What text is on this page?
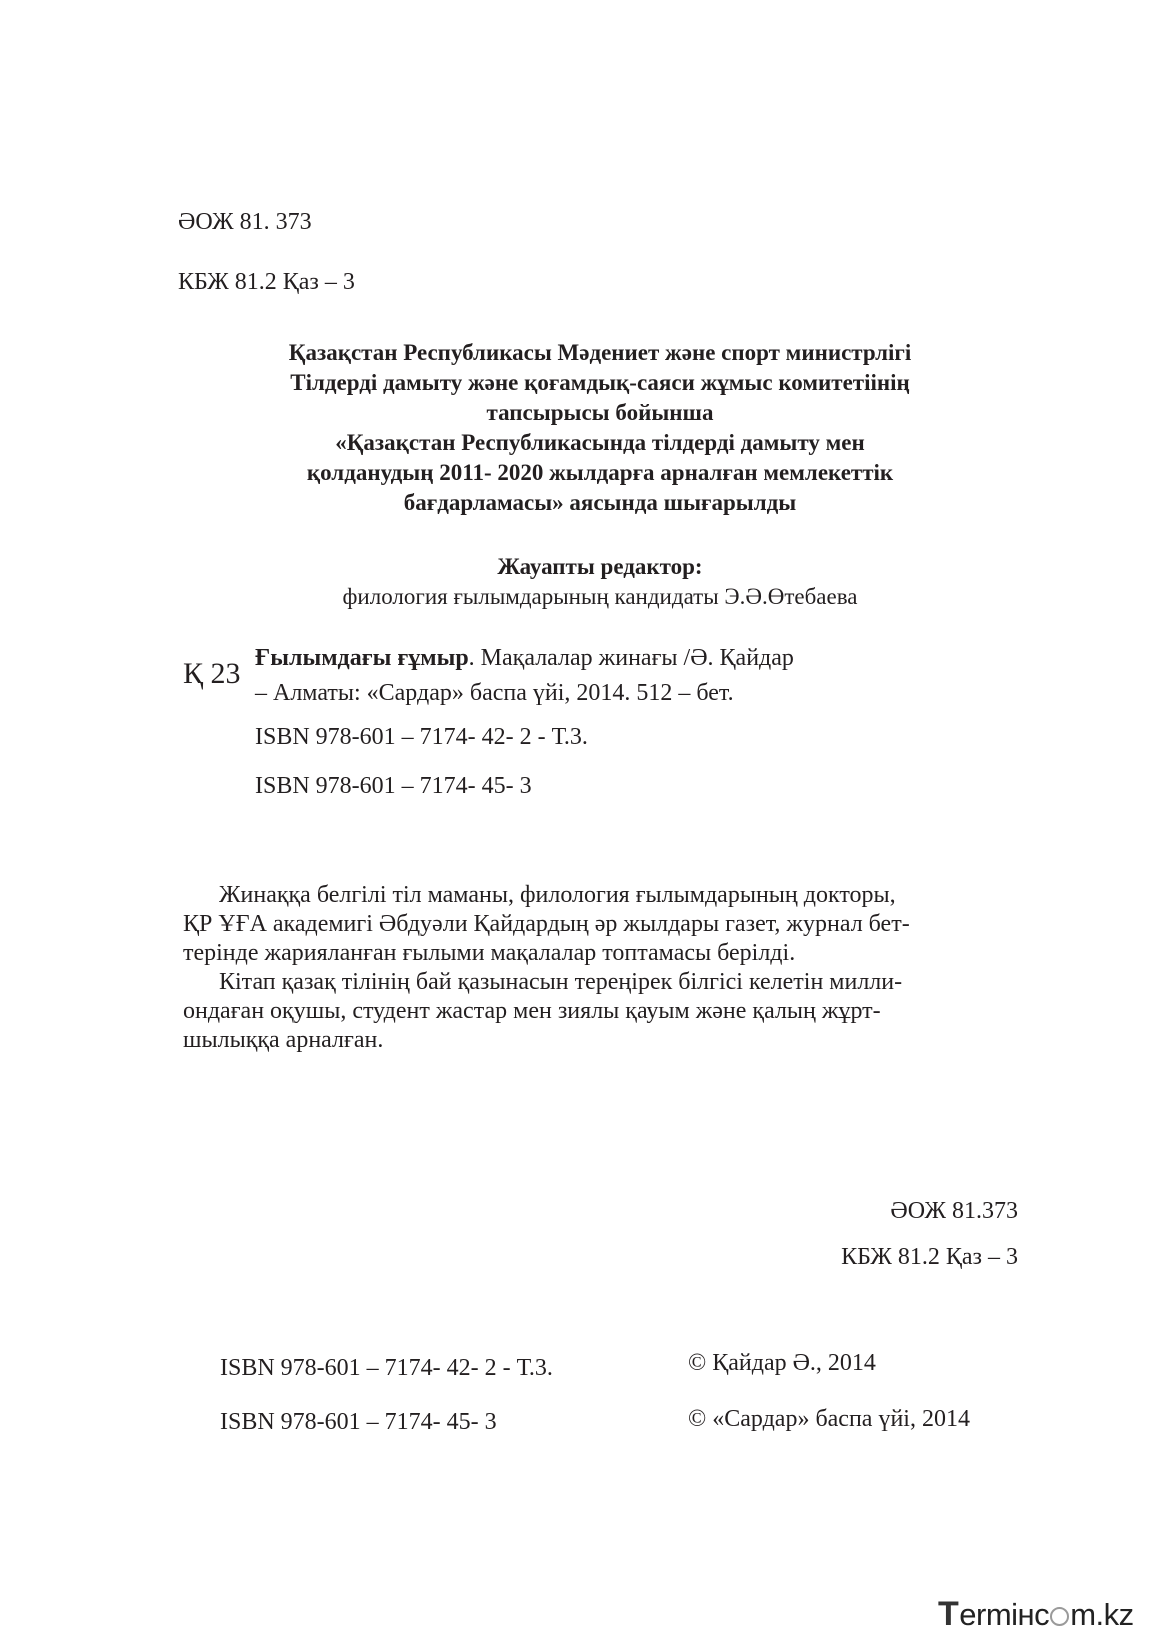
ӘОЖ 81. 373
КБЖ 81.2 Қаз – 3
Қазақстан Республикасы Мәдениет және спорт министрлігі
Тілдерді дамыту және қоғамдық-саяси жұмыс комитетіінің
тапсырысы бойынша
«Қазақстан Республикасында тілдерді дамыту мен
қолданудың 2011- 2020 жылдарға арналған мемлекеттік
бағдарламасы» аясында шығарылды
Жауапты редактор:
филология ғылымдарының кандидаты Э.Ә.Өтебаева
Қ 23 Ғылымдағы ғұмыр. Мақалалар жинағы /Ә. Қайдар
– Алматы: «Сардар» баспа үйі, 2014. 512 – бет.
ISBN 978-601 – 7174- 42- 2 - Т.3.
ISBN 978-601 – 7174- 45- 3
Жинаққа белгілі тіл маманы, филология ғылымдарының докторы,
ҚР ҰҒА академигі Әбдуәли Қайдардың әр жылдары газет, журнал бет-
терінде жарияланған ғылыми мақалалар топтамасы берілді.
Кітап қазақ тілінің бай қазынасын тереңірек білгісі келетін милли-
ондаған оқушы, студент жастар мен зиялы қауым және қалың жұрт-
шылыққа арналған.
ӘОЖ 81.373
КБЖ 81.2 Қаз – 3
ISBN 978-601 – 7174- 42- 2 - Т.3.
ISBN 978-601 – 7174- 45- 3
© Қайдар Ә., 2014
© «Сардар» баспа үйі, 2014
Termінc m.kz
